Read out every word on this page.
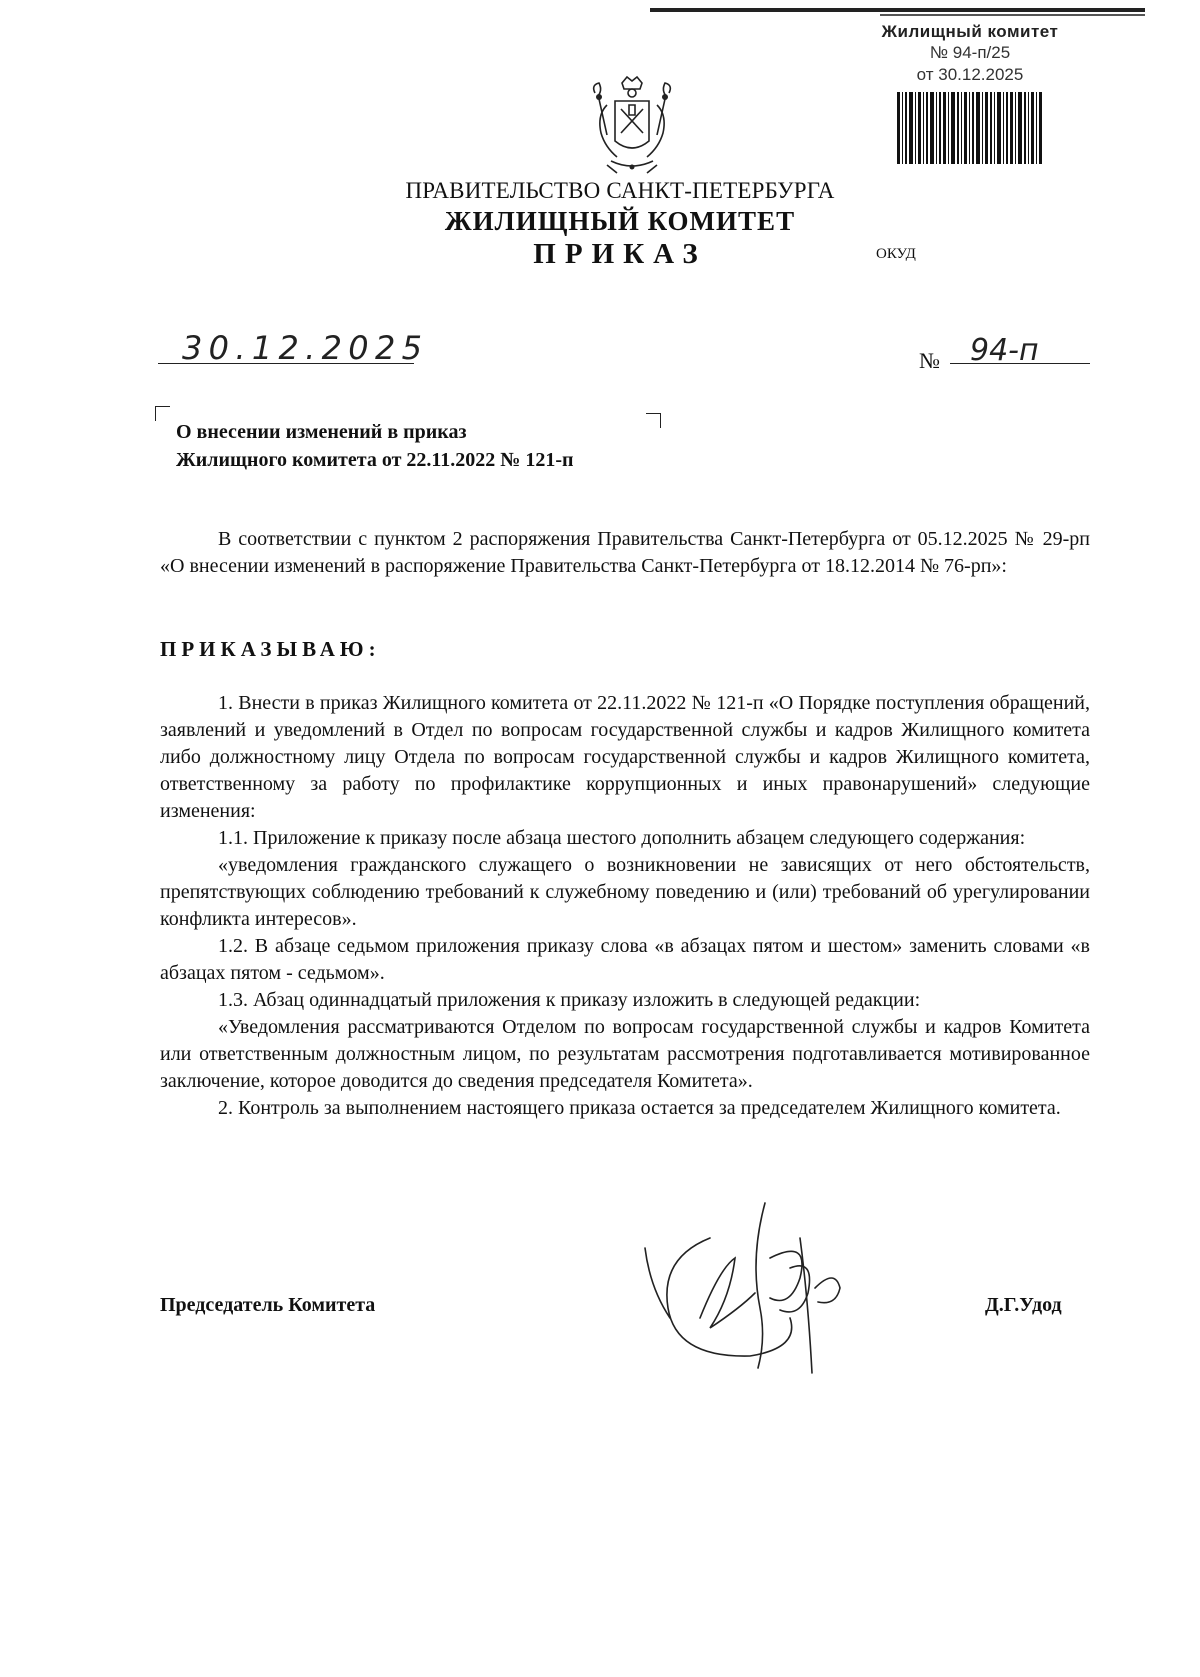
Жилищный комитет
№ 94-п/25
от 30.12.2025
ПРАВИТЕЛЬСТВО САНКТ-ПЕТЕРБУРГА
ЖИЛИЩНЫЙ КОМИТЕТ
ПРИКАЗ	ОКУД
30.12.2025	№ 94-п
О внесении изменений в приказ
Жилищного комитета от 22.11.2022 № 121-п

В соответствии с пунктом 2 распоряжения Правительства Санкт-Петербурга от 05.12.2025 № 29-рп «О внесении изменений в распоряжение Правительства Санкт-Петербурга от 18.12.2014 № 76-рп»:

ПРИКАЗЫВАЮ:

1. Внести в приказ Жилищного комитета от 22.11.2022 № 121-п «О Порядке поступления обращений, заявлений и уведомлений в Отдел по вопросам государственной службы и кадров Жилищного комитета либо должностному лицу Отдела по вопросам государственной службы и кадров Жилищного комитета, ответственному за работу по профилактике коррупционных и иных правонарушений» следующие изменения:

1.1. Приложение к приказу после абзаца шестого дополнить абзацем следующего содержания:

«уведомления гражданского служащего о возникновении не зависящих от него обстоятельств, препятствующих соблюдению требований к служебному поведению и (или) требований об урегулировании конфликта интересов».

1.2. В абзаце седьмом приложения приказу слова «в абзацах пятом и шестом» заменить словами «в абзацах пятом - седьмом».

1.3. Абзац одиннадцатый приложения к приказу изложить в следующей редакции:

«Уведомления рассматриваются Отделом по вопросам государственной службы и кадров Комитета или ответственным должностным лицом, по результатам рассмотрения подготавливается мотивированное заключение, которое доводится до сведения председателя Комитета».

2. Контроль за выполнением настоящего приказа остается за председателем Жилищного комитета.

Председатель Комитета	Д.Г.Удод
